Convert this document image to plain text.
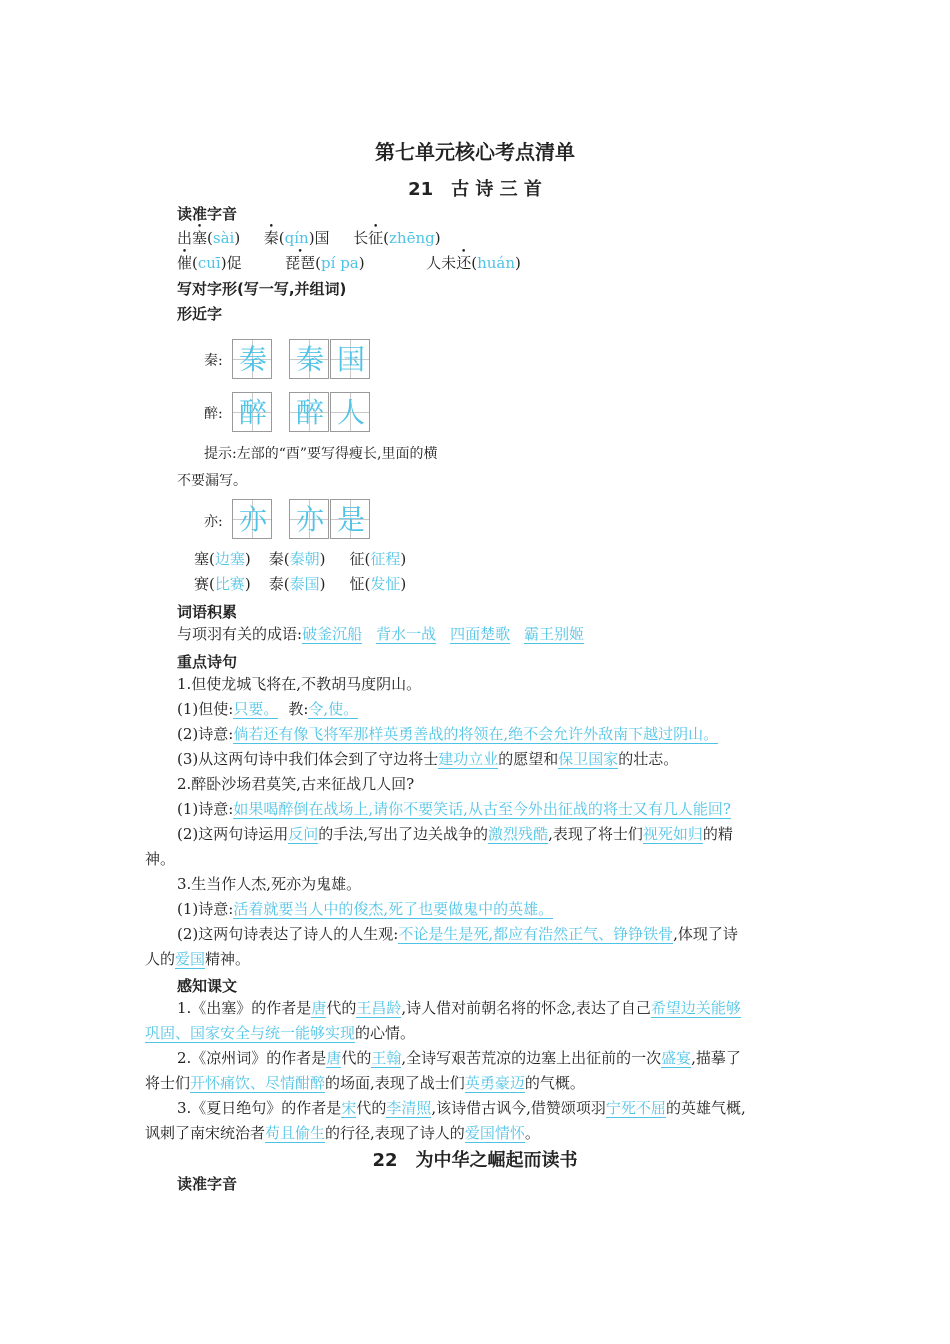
第七单元核心考点清单
21　古 诗 三 首
读准字音
出塞(sài) 秦(qín)国 长征(zhēng)
催(cuī)促	琵琶(pí pa)	人未还(huán)
写对字形(写一写,并组词)
形近字
秦: 秦 秦 国
醉: 醉 醉 人
提示:左部的“酉”要写得瘦长,里面的横
不要漏写。
亦: 亦 亦 是
塞(边塞) 秦(秦朝) 征(征程)
赛(比赛) 泰(泰国) 怔(发怔)
词语积累
与项羽有关的成语:破釜沉船 背水一战 四面楚歌 霸王别姬
重点诗句
1.但使龙城飞将在,不教胡马度阴山。
(1)但使:只要。 教:令,使。
(2)诗意:倘若还有像飞将军那样英勇善战的将领在,绝不会允许外敌南下越过阴山。
(3)从这两句诗中我们体会到了守边将士建功立业的愿望和保卫国家的壮志。
2.醉卧沙场君莫笑,古来征战几人回?
(1)诗意:如果喝醉倒在战场上,请你不要笑话,从古至今外出征战的将士又有几人能回?
(2)这两句诗运用反问的手法,写出了边关战争的激烈残酷,表现了将士们视死如归的精
神。
3.生当作人杰,死亦为鬼雄。
(1)诗意:活着就要当人中的俊杰,死了也要做鬼中的英雄。
(2)这两句诗表达了诗人的人生观:不论是生是死,都应有浩然正气、铮铮铁骨,体现了诗
人的爱国精神。
感知课文
1.《出塞》的作者是唐代的王昌龄,诗人借对前朝名将的怀念,表达了自己希望边关能够
巩固、国家安全与统一能够实现的心情。
2.《凉州词》的作者是唐代的王翰,全诗写艰苦荒凉的边塞上出征前的一次盛宴,描摹了
将士们开怀痛饮、尽情酣醉的场面,表现了战士们英勇豪迈的气概。
3.《夏日绝句》的作者是宋代的李清照,该诗借古讽今,借赞颂项羽宁死不屈的英雄气概,
讽刺了南宋统治者苟且偷生的行径,表现了诗人的爱国情怀。
22　为中华之崛起而读书
读准字音
